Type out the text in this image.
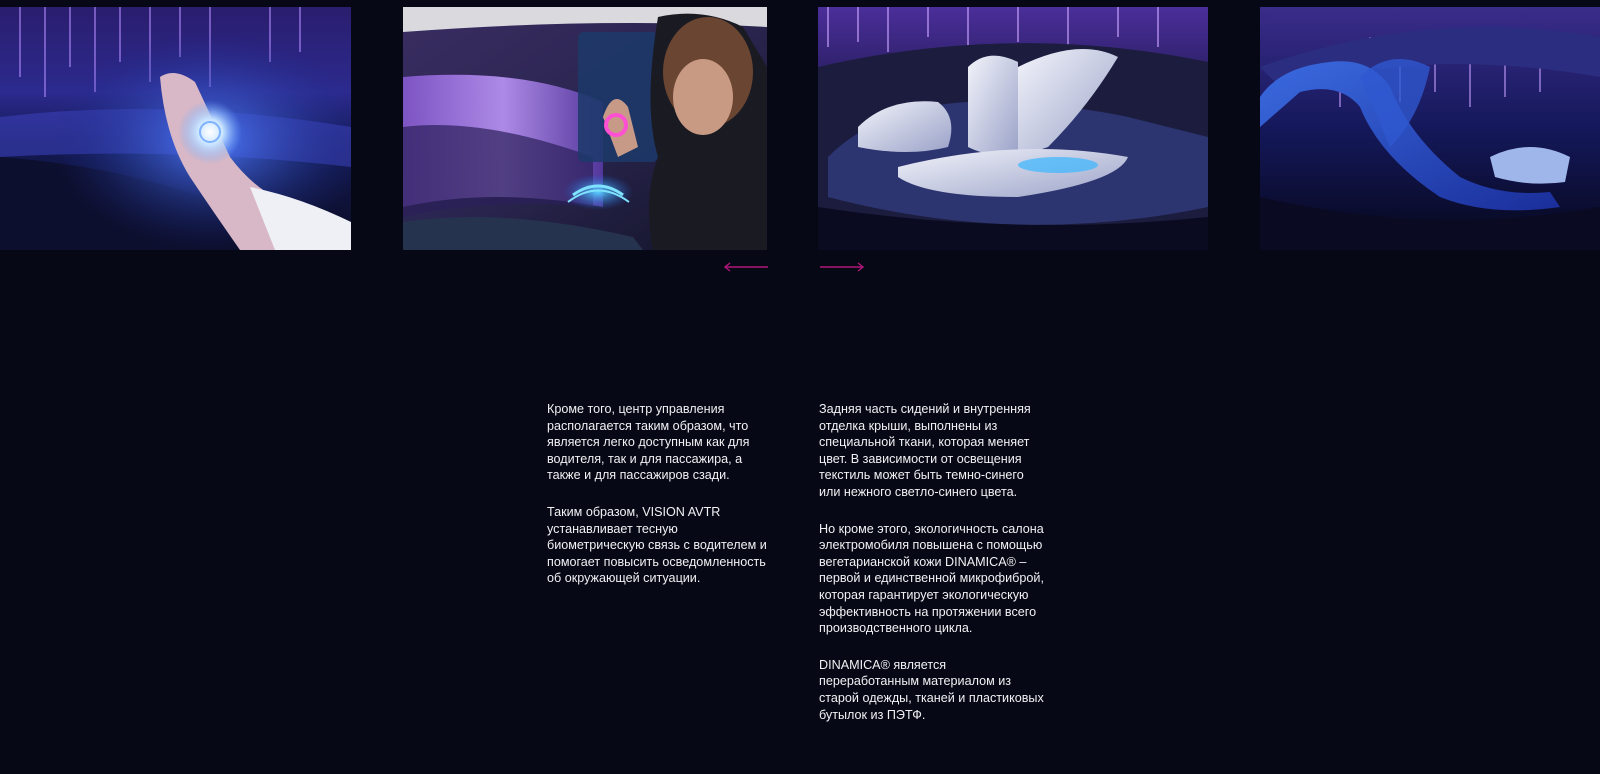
Кроме того, центр управления располагается таким образом, что является легко доступным как для водителя, так и для пассажира, а также и для пассажиров сзади.

Таким образом, VISION AVTR устанавливает тесную биометрическую связь с водителем и помогает повысить осведомленность об окружающей ситуации.

Задняя часть сидений и внутренняя отделка крыши, выполнены из специальной ткани, которая меняет цвет. В зависимости от освещения текстиль может быть темно-синего или нежного светло-синего цвета.

Но кроме этого, экологичность салона электромобиля повышена с помощью вегетарианской кожи DINAMICA® – первой и единственной микрофиброй, которая гарантирует экологическую эффективность на протяжении всего производственного цикла.

DINAMICA® является переработанным материалом из старой одежды, тканей и пластиковых бутылок из ПЭТФ.
